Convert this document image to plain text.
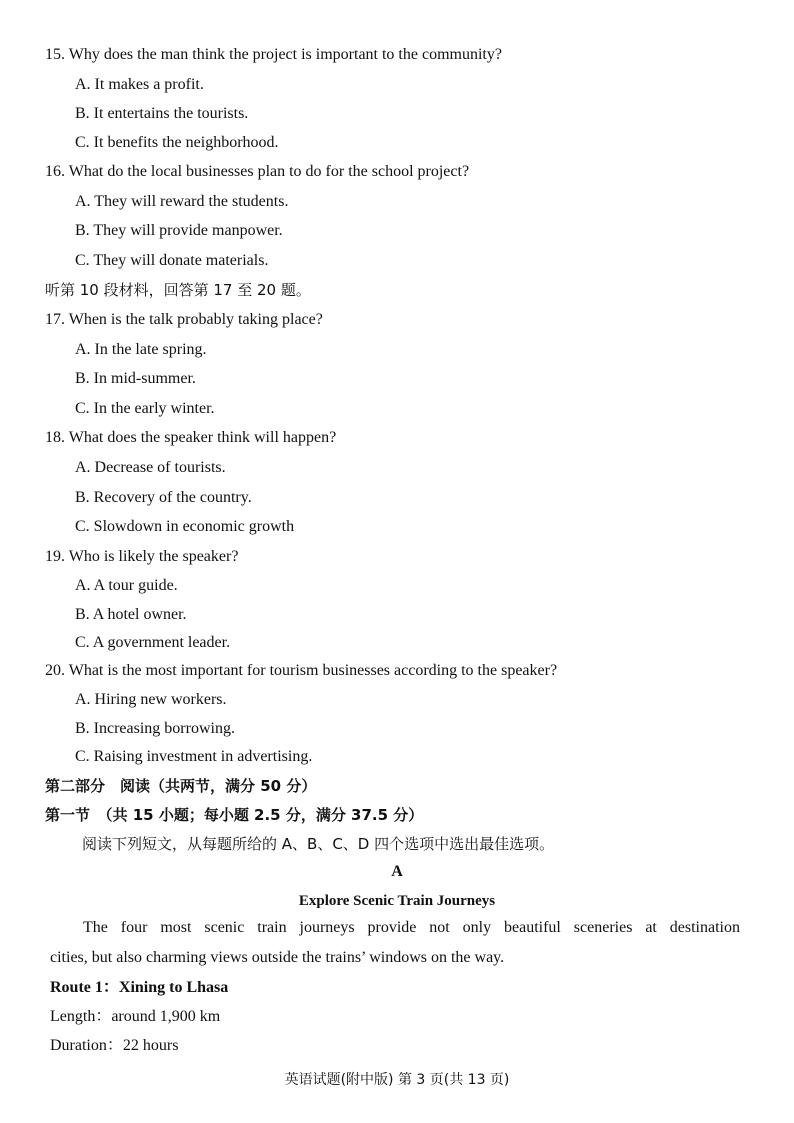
15. Why does the man think the project is important to the community?
A. It makes a profit.
B. It entertains the tourists.
C. It benefits the neighborhood.
16. What do the local businesses plan to do for the school project?
A. They will reward the students.
B. They will provide manpower.
C. They will donate materials.
听第 10 段材料，回答第 17 至 20 题。
17. When is the talk probably taking place?
A. In the late spring.
B. In mid-summer.
C. In the early winter.
18. What does the speaker think will happen?
A. Decrease of tourists.
B. Recovery of the country.
C. Slowdown in economic growth
19. Who is likely the speaker?
A. A tour guide.
B. A hotel owner.
C. A government leader.
20. What is the most important for tourism businesses according to the speaker?
A. Hiring new workers.
B. Increasing borrowing.
C. Raising investment in advertising.
第二部分　阅读（共两节，满分 50 分）
第一节　（共 15 小题；每小题 2.5 分，满分 37.5 分）
阅读下列短文，从每题所给的 A、B、C、D 四个选项中选出最佳选项。
A
Explore Scenic Train Journeys
The four most scenic train journeys provide not only beautiful sceneries at destination
cities, but also charming views outside the trains’ windows on the way.
Route 1：Xining to Lhasa
Length：around 1,900 km
Duration：22 hours
英语试题(附中版) 第 3 页(共 13 页)
